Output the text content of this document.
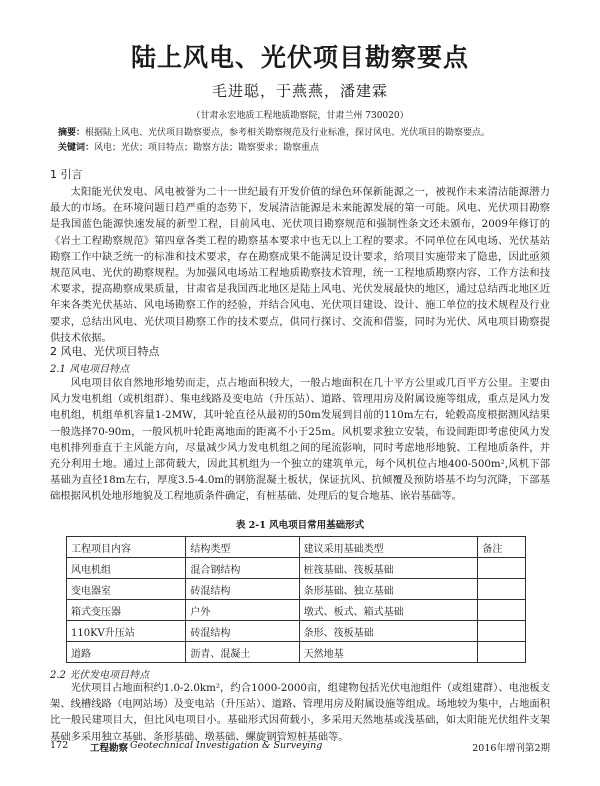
陆上风电、光伏项目勘察要点
毛进聪，于燕燕，潘建霖
（甘肃永宏地质工程地质勘察院，甘肃兰州 730020）
摘要：根据陆上风电、光伏项目勘察要点，参考相关勘察规范及行业标准，探讨风电、光伏项目的勘察要点。
关键词：风电；光伏；项目特点；勘察方法；勘察要求；勘察重点
1 引言

太阳能光伏发电、风电被誉为二十一世纪最有开发价值的绿色环保新能源之一，被视作未来清洁能源潜力最大的市场。在环境问题日趋严重的态势下，发展清洁能源是未来能源发展的第一可能。风电、光伏项目勘察是我国蓝色能源快速发展的新型工程，目前风电、光伏项目勘察规范和强制性条文还未颁布，2009年修订的《岩土工程勘察规范》第四章各类工程的勘察基本要求中也无以上工程的要求。不同单位在风电场、光伏基站勘察工作中缺乏统一的标准和技术要求，存在勘察成果不能满足设计要求，给项目实施带来了隐患，因此亟须规范风电、光伏的勘察规程。为加强风电场站工程地质勘察技术管理，统一工程地质勘察内容、工作方法和技术要求，提高勘察成果质量，甘肃省是我国西北地区是陆上风电、光伏发展最快的地区，通过总结西北地区近年来各类光伏基站、风电场勘察工作的经验，并结合风电、光伏项目建设、设计、施工单位的技术规程及行业要求，总结出风电、光伏项目勘察工作的技术要点，供同行探讨、交流和借鉴，同时为光伏、风电项目勘察提供技术依据。

2 风电、光伏项目特点
2.1 风电项目特点

风电项目依自然地形地势而走，点占地面积较大，一般占地面积在几十平方公里或几百平方公里。主要由风力发电机组（或机组群）、集电线路及变电站（升压站）、道路、管理用房及附属设施等组成，重点是风力发电机组，机组单机容量1-2MW，其叶轮直径从最初的50m发展到目前的110m左右，轮毂高度根据测风结果一般选择70-90m，一般风机叶轮距离地面的距离不小于25m。风机要求独立安装，布设间距即考虑使风力发电机排列垂直于主风能方向，尽量减少风力发电机组之间的尾流影响，同时考虑地形地貌、工程地质条件，并充分利用土地。通过上部荷载大，因此其机组为一个独立的建筑单元，每个风机位占地400-500m²,风机下部基础为直径18m左右，厚度3.5-4.0m的钢筋混凝土板状，保证抗风、抗倾覆及预防塔基不均匀沉降，下部基础根据风机处地形地貌及工程地质条件确定，有桩基础、处理后的复合地基、嵌岩基础等。

表 2-1 风电项目常用基础形式
工程项目内容	结构类型	建议采用基础类型	备注
风电机组	混合钢结构	桩筏基础、筏板基础	
变电器室	砖混结构	条形基础、独立基础	
箱式变压器	户外	墩式、板式、箱式基础	
110KV升压站	砖混结构	条形、筏板基础	
道路	沥青、混凝土	天然地基	
2.2 光伏发电项目特点

光伏项目占地面积约1.0-2.0km²，约合1000-2000亩，组建物包括光伏电池组件（或组建群）、电池板支架、线槽线路（电网站场）及变电站（升压站）、道路、管理用房及附属设施等组成。场地较为集中，占地面积比一般民建项目大，但比风电项目小。基础形式因荷载小，多采用天然地基或浅基础，如太阳能光伏组件支架基础多采用独立基础、条形基础、墩基础、螺旋钢管短桩基础等。

172 工程勘察 Geotechnical Investigation & Surveying	2016年增刊第2期
